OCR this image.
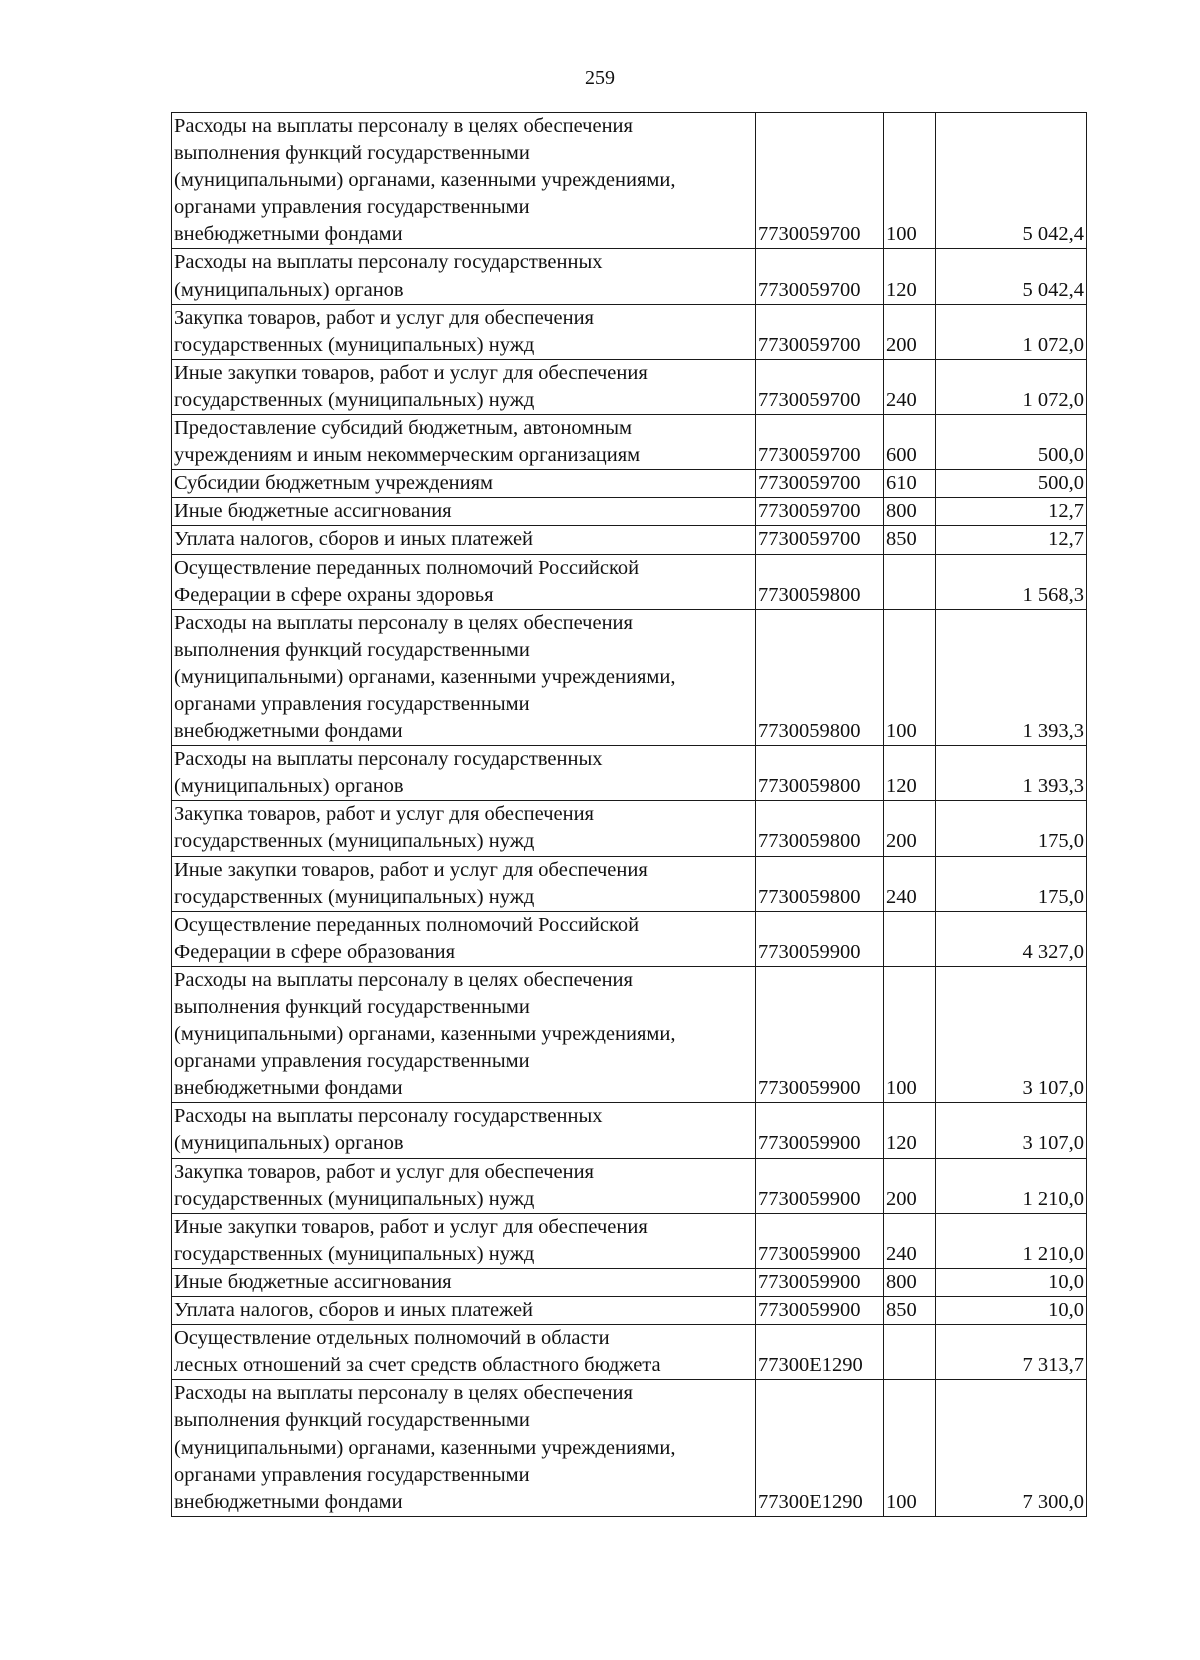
259
Расходы на выплаты персоналу в целях обеспечения
выполнения функций государственными
(муниципальными) органами, казенными учреждениями,
органами управления государственными
внебюджетными фондами	7730059700	100	5 042,4
Расходы на выплаты персоналу государственных
(муниципальных) органов	7730059700	120	5 042,4
Закупка товаров, работ и услуг для обеспечения
государственных (муниципальных) нужд	7730059700	200	1 072,0
Иные закупки товаров, работ и услуг для обеспечения
государственных (муниципальных) нужд	7730059700	240	1 072,0
Предоставление субсидий бюджетным, автономным
учреждениям и иным некоммерческим организациям	7730059700	600	500,0
Субсидии бюджетным учреждениям	7730059700	610	500,0
Иные бюджетные ассигнования	7730059700	800	12,7
Уплата налогов, сборов и иных платежей	7730059700	850	12,7
Осуществление переданных полномочий Российской
Федерации в сфере охраны здоровья	7730059800		1 568,3
Расходы на выплаты персоналу в целях обеспечения
выполнения функций государственными
(муниципальными) органами, казенными учреждениями,
органами управления государственными
внебюджетными фондами	7730059800	100	1 393,3
Расходы на выплаты персоналу государственных
(муниципальных) органов	7730059800	120	1 393,3
Закупка товаров, работ и услуг для обеспечения
государственных (муниципальных) нужд	7730059800	200	175,0
Иные закупки товаров, работ и услуг для обеспечения
государственных (муниципальных) нужд	7730059800	240	175,0
Осуществление переданных полномочий Российской
Федерации в сфере образования	7730059900		4 327,0
Расходы на выплаты персоналу в целях обеспечения
выполнения функций государственными
(муниципальными) органами, казенными учреждениями,
органами управления государственными
внебюджетными фондами	7730059900	100	3 107,0
Расходы на выплаты персоналу государственных
(муниципальных) органов	7730059900	120	3 107,0
Закупка товаров, работ и услуг для обеспечения
государственных (муниципальных) нужд	7730059900	200	1 210,0
Иные закупки товаров, работ и услуг для обеспечения
государственных (муниципальных) нужд	7730059900	240	1 210,0
Иные бюджетные ассигнования	7730059900	800	10,0
Уплата налогов, сборов и иных платежей	7730059900	850	10,0
Осуществление отдельных полномочий в области
лесных отношений за счет средств областного бюджета	77300E1290		7 313,7
Расходы на выплаты персоналу в целях обеспечения
выполнения функций государственными
(муниципальными) органами, казенными учреждениями,
органами управления государственными
внебюджетными фондами	77300E1290	100	7 300,0
